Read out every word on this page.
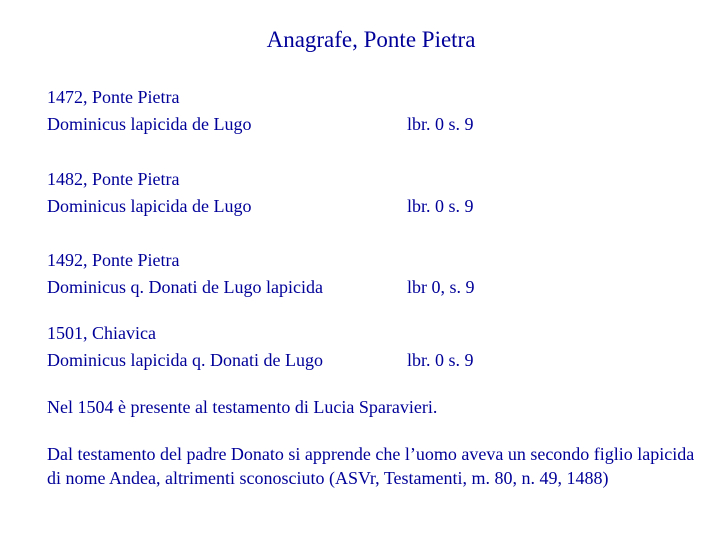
Anagrafe, Ponte Pietra
1472, Ponte Pietra
Dominicus lapicida de Lugo	lbr. 0 s. 9
1482, Ponte Pietra
Dominicus lapicida de Lugo	lbr. 0 s. 9
1492, Ponte Pietra
Dominicus q. Donati de Lugo lapicida	lbr 0, s. 9
1501, Chiavica
Dominicus lapicida q. Donati de Lugo	lbr. 0 s. 9
Nel 1504 è presente al testamento di Lucia Sparavieri.
Dal testamento del padre Donato si apprende che l’uomo aveva un secondo figlio lapicida di nome Andea, altrimenti sconosciuto (ASVr, Testamenti, m. 80, n. 49, 1488)
